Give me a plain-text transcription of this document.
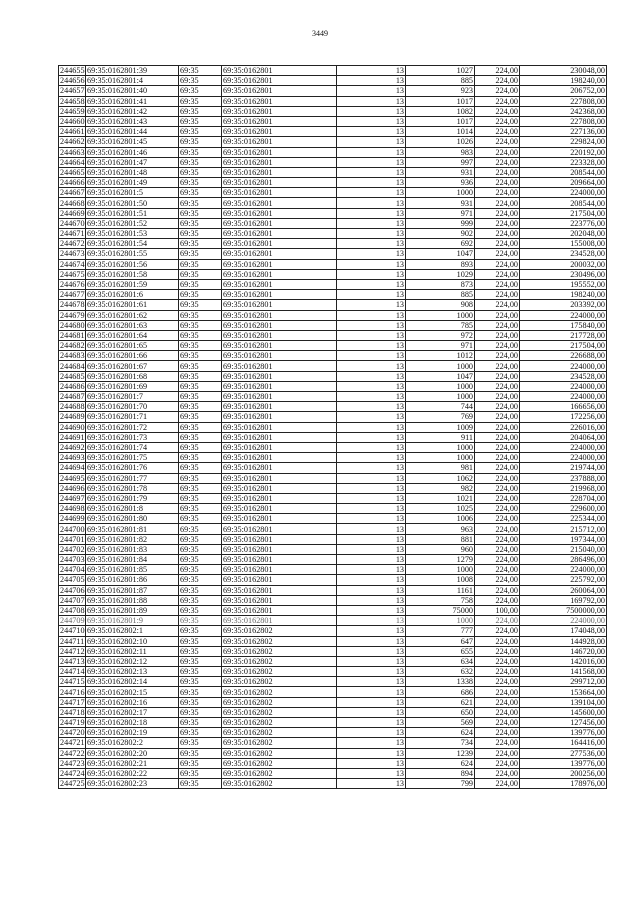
3449
244655	69:35:0162801:39	69:35	69:35:0162801	13	1027	224,00	230048,00
244656	69:35:0162801:4	69:35	69:35:0162801	13	885	224,00	198240,00
244657	69:35:0162801:40	69:35	69:35:0162801	13	923	224,00	206752,00
244658	69:35:0162801:41	69:35	69:35:0162801	13	1017	224,00	227808,00
244659	69:35:0162801:42	69:35	69:35:0162801	13	1082	224,00	242368,00
244660	69:35:0162801:43	69:35	69:35:0162801	13	1017	224,00	227808,00
244661	69:35:0162801:44	69:35	69:35:0162801	13	1014	224,00	227136,00
244662	69:35:0162801:45	69:35	69:35:0162801	13	1026	224,00	229824,00
244663	69:35:0162801:46	69:35	69:35:0162801	13	983	224,00	220192,00
244664	69:35:0162801:47	69:35	69:35:0162801	13	997	224,00	223328,00
244665	69:35:0162801:48	69:35	69:35:0162801	13	931	224,00	208544,00
244666	69:35:0162801:49	69:35	69:35:0162801	13	936	224,00	209664,00
244667	69:35:0162801:5	69:35	69:35:0162801	13	1000	224,00	224000,00
244668	69:35:0162801:50	69:35	69:35:0162801	13	931	224,00	208544,00
244669	69:35:0162801:51	69:35	69:35:0162801	13	971	224,00	217504,00
244670	69:35:0162801:52	69:35	69:35:0162801	13	999	224,00	223776,00
244671	69:35:0162801:53	69:35	69:35:0162801	13	902	224,00	202048,00
244672	69:35:0162801:54	69:35	69:35:0162801	13	692	224,00	155008,00
244673	69:35:0162801:55	69:35	69:35:0162801	13	1047	224,00	234528,00
244674	69:35:0162801:56	69:35	69:35:0162801	13	893	224,00	200032,00
244675	69:35:0162801:58	69:35	69:35:0162801	13	1029	224,00	230496,00
244676	69:35:0162801:59	69:35	69:35:0162801	13	873	224,00	195552,00
244677	69:35:0162801:6	69:35	69:35:0162801	13	885	224,00	198240,00
244678	69:35:0162801:61	69:35	69:35:0162801	13	908	224,00	203392,00
244679	69:35:0162801:62	69:35	69:35:0162801	13	1000	224,00	224000,00
244680	69:35:0162801:63	69:35	69:35:0162801	13	785	224,00	175840,00
244681	69:35:0162801:64	69:35	69:35:0162801	13	972	224,00	217728,00
244682	69:35:0162801:65	69:35	69:35:0162801	13	971	224,00	217504,00
244683	69:35:0162801:66	69:35	69:35:0162801	13	1012	224,00	226688,00
244684	69:35:0162801:67	69:35	69:35:0162801	13	1000	224,00	224000,00
244685	69:35:0162801:68	69:35	69:35:0162801	13	1047	224,00	234528,00
244686	69:35:0162801:69	69:35	69:35:0162801	13	1000	224,00	224000,00
244687	69:35:0162801:7	69:35	69:35:0162801	13	1000	224,00	224000,00
244688	69:35:0162801:70	69:35	69:35:0162801	13	744	224,00	166656,00
244689	69:35:0162801:71	69:35	69:35:0162801	13	769	224,00	172256,00
244690	69:35:0162801:72	69:35	69:35:0162801	13	1009	224,00	226016,00
244691	69:35:0162801:73	69:35	69:35:0162801	13	911	224,00	204064,00
244692	69:35:0162801:74	69:35	69:35:0162801	13	1000	224,00	224000,00
244693	69:35:0162801:75	69:35	69:35:0162801	13	1000	224,00	224000,00
244694	69:35:0162801:76	69:35	69:35:0162801	13	981	224,00	219744,00
244695	69:35:0162801:77	69:35	69:35:0162801	13	1062	224,00	237888,00
244696	69:35:0162801:78	69:35	69:35:0162801	13	982	224,00	219968,00
244697	69:35:0162801:79	69:35	69:35:0162801	13	1021	224,00	228704,00
244698	69:35:0162801:8	69:35	69:35:0162801	13	1025	224,00	229600,00
244699	69:35:0162801:80	69:35	69:35:0162801	13	1006	224,00	225344,00
244700	69:35:0162801:81	69:35	69:35:0162801	13	963	224,00	215712,00
244701	69:35:0162801:82	69:35	69:35:0162801	13	881	224,00	197344,00
244702	69:35:0162801:83	69:35	69:35:0162801	13	960	224,00	215040,00
244703	69:35:0162801:84	69:35	69:35:0162801	13	1279	224,00	286496,00
244704	69:35:0162801:85	69:35	69:35:0162801	13	1000	224,00	224000,00
244705	69:35:0162801:86	69:35	69:35:0162801	13	1008	224,00	225792,00
244706	69:35:0162801:87	69:35	69:35:0162801	13	1161	224,00	260064,00
244707	69:35:0162801:88	69:35	69:35:0162801	13	758	224,00	169792,00
244708	69:35:0162801:89	69:35	69:35:0162801	13	75000	100,00	7500000,00
244709	69:35:0162801:9	69:35	69:35:0162801	13	1000	224,00	224000,00
244710	69:35:0162802:1	69:35	69:35:0162802	13	777	224,00	174048,00
244711	69:35:0162802:10	69:35	69:35:0162802	13	647	224,00	144928,00
244712	69:35:0162802:11	69:35	69:35:0162802	13	655	224,00	146720,00
244713	69:35:0162802:12	69:35	69:35:0162802	13	634	224,00	142016,00
244714	69:35:0162802:13	69:35	69:35:0162802	13	632	224,00	141568,00
244715	69:35:0162802:14	69:35	69:35:0162802	13	1338	224,00	299712,00
244716	69:35:0162802:15	69:35	69:35:0162802	13	686	224,00	153664,00
244717	69:35:0162802:16	69:35	69:35:0162802	13	621	224,00	139104,00
244718	69:35:0162802:17	69:35	69:35:0162802	13	650	224,00	145600,00
244719	69:35:0162802:18	69:35	69:35:0162802	13	569	224,00	127456,00
244720	69:35:0162802:19	69:35	69:35:0162802	13	624	224,00	139776,00
244721	69:35:0162802:2	69:35	69:35:0162802	13	734	224,00	164416,00
244722	69:35:0162802:20	69:35	69:35:0162802	13	1239	224,00	277536,00
244723	69:35:0162802:21	69:35	69:35:0162802	13	624	224,00	139776,00
244724	69:35:0162802:22	69:35	69:35:0162802	13	894	224,00	200256,00
244725	69:35:0162802:23	69:35	69:35:0162802	13	799	224,00	178976,00
